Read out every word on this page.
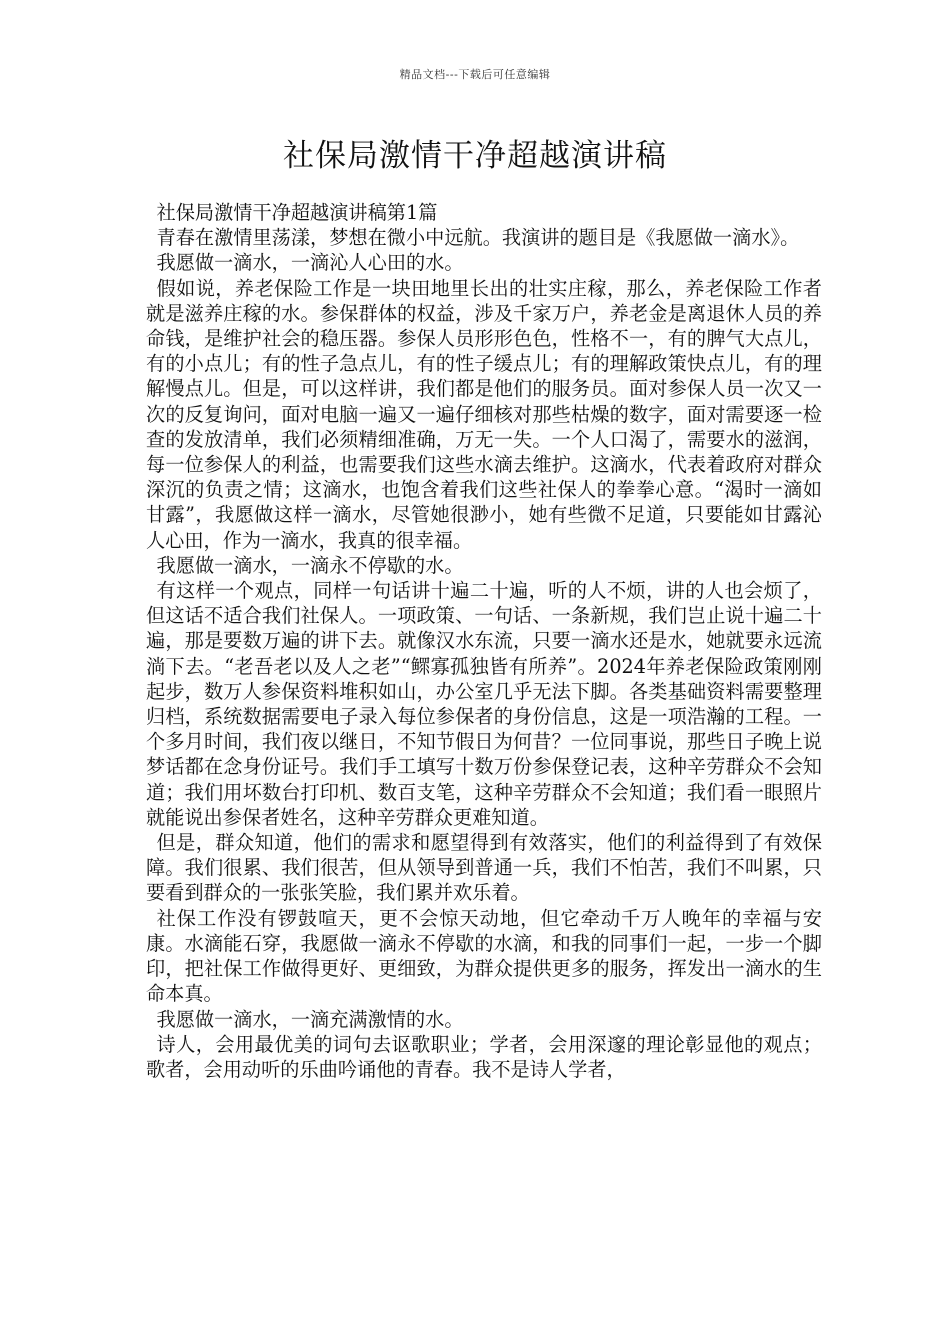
精品文档---下载后可任意编辑
社保局激情干净超越演讲稿

社保局激情干净超越演讲稿第1篇

青春在激情里荡漾，梦想在微小中远航。我演讲的题目是《我愿做一滴水》。

我愿做一滴水，一滴沁人心田的水。

假如说，养老保险工作是一块田地里长出的壮实庄稼，那么，养老保险工作者就是滋养庄稼的水。参保群体的权益，涉及千家万户，养老金是离退休人员的养命钱，是维护社会的稳压器。参保人员形形色色，性格不一，有的脾气大点儿，有的小点儿；有的性子急点儿，有的性子缓点儿；有的理解政策快点儿，有的理解慢点儿。但是，可以这样讲，我们都是他们的服务员。面对参保人员一次又一次的反复询问，面对电脑一遍又一遍仔细核对那些枯燥的数字，面对需要逐一检查的发放清单，我们必须精细准确，万无一失。一个人口渴了，需要水的滋润，每一位参保人的利益，也需要我们这些水滴去维护。这滴水，代表着政府对群众深沉的负责之情；这滴水，也饱含着我们这些社保人的拳拳心意。“渴时一滴如甘露”，我愿做这样一滴水，尽管她很渺小，她有些微不足道，只要能如甘露沁人心田，作为一滴水，我真的很幸福。

我愿做一滴水，一滴永不停歇的水。

有这样一个观点，同样一句话讲十遍二十遍，听的人不烦，讲的人也会烦了，但这话不适合我们社保人。一项政策、一句话、一条新规，我们岂止说十遍二十遍，那是要数万遍的讲下去。就像汉水东流，只要一滴水还是水，她就要永远流淌下去。“老吾老以及人之老”“鳏寡孤独皆有所养”。2024年养老保险政策刚刚起步，数万人参保资料堆积如山，办公室几乎无法下脚。各类基础资料需要整理归档，系统数据需要电子录入每位参保者的身份信息，这是一项浩瀚的工程。一个多月时间，我们夜以继日，不知节假日为何昔？一位同事说，那些日子晚上说梦话都在念身份证号。我们手工填写十数万份参保登记表，这种辛劳群众不会知道；我们用坏数台打印机、数百支笔，这种辛劳群众不会知道；我们看一眼照片就能说出参保者姓名，这种辛劳群众更难知道。

但是，群众知道，他们的需求和愿望得到有效落实，他们的利益得到了有效保障。我们很累、我们很苦，但从领导到普通一兵，我们不怕苦，我们不叫累，只要看到群众的一张张笑脸，我们累并欢乐着。

社保工作没有锣鼓喧天，更不会惊天动地，但它牵动千万人晚年的幸福与安康。水滴能石穿，我愿做一滴永不停歇的水滴，和我的同事们一起，一步一个脚印，把社保工作做得更好、更细致，为群众提供更多的服务，挥发出一滴水的生命本真。

我愿做一滴水，一滴充满激情的水。

诗人，会用最优美的词句去讴歌职业；学者，会用深邃的理论彰显他的观点；歌者，会用动听的乐曲吟诵他的青春。我不是诗人学者，
